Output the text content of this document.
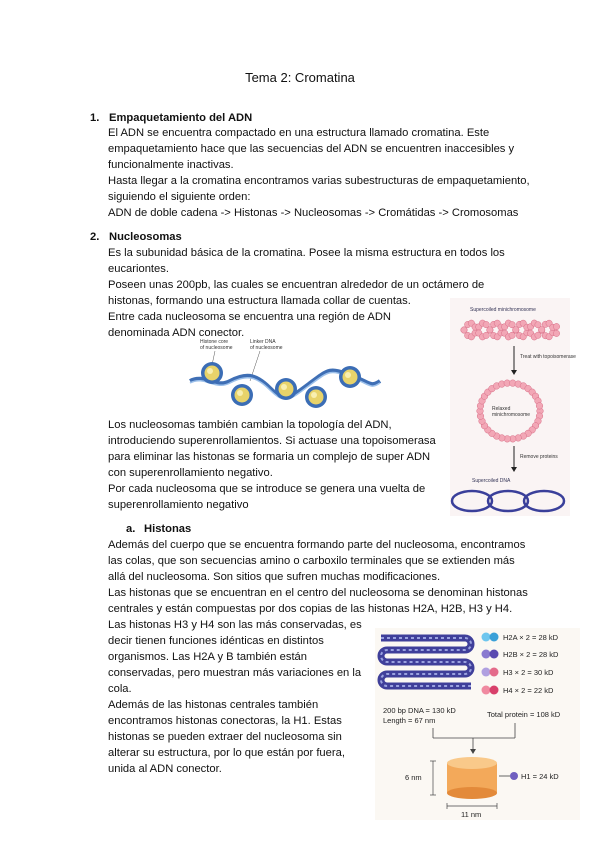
Tema 2: Cromatina
1. Empaquetamiento del ADN
El ADN se encuentra compactado en una estructura llamado cromatina. Este
empaquetamiento hace que las secuencias del ADN se encuentren inaccesibles y
funcionalmente inactivas.
Hasta llegar a la cromatina encontramos varias subestructuras de empaquetamiento,
siguiendo el siguiente orden:
ADN de doble cadena -> Histonas -> Nucleosomas -> Cromátidas -> Cromosomas
2. Nucleosomas
Es la subunidad básica de la cromatina. Posee la misma estructura en todos los
eucariontes.
Poseen unas 200pb, las cuales se encuentran alrededor de un octámero de
histonas, formando una estructura llamada collar de cuentas.
Entre cada nucleosoma se encuentra una región de ADN
denominada ADN conector.
Histone core of nucleosome
Linker DNA of nucleosome
Supercoiled minichromosome
Treat with topoisomerase
Relaxed minichromosome
Remove proteins
Supercoiled DNA
Los nucleosomas también cambian la topología del ADN,
introduciendo superenrollamientos. Si actuase una topoisomerasa
para eliminar las histonas se formaria un complejo de super ADN
con superenrollamiento negativo.
Por cada nucleosoma que se introduce se genera una vuelta de
superenrollamiento negativo
a. Histonas
Además del cuerpo que se encuentra formando parte del nucleosoma, encontramos
las colas, que son secuencias amino o carboxilo terminales que se extienden más
allá del nucleosoma. Son sitios que sufren muchas modificaciones.
Las histonas que se encuentran en el centro del nucleosoma se denominan histonas
centrales y están compuestas por dos copias de las histonas H2A, H2B, H3 y H4.
Las histonas H3 y H4 son las más conservadas, es
decir tienen funciones idénticas en distintos
organismos. Las H2A y B también están
conservadas, pero muestran más variaciones en la
cola.
Además de las histonas centrales también
encontramos histonas conectoras, la H1. Estas
histonas se pueden extraer del nucleosoma sin
alterar su estructura, por lo que están por fuera,
unida al ADN conector.
H2A × 2 = 28 kD
H2B × 2 = 28 kD
H3 × 2 = 30 kD
H4 × 2 = 22 kD
200 bp DNA = 130 kD
Length = 67 nm
Total protein = 108 kD
H1 = 24 kD
6 nm
11 nm
